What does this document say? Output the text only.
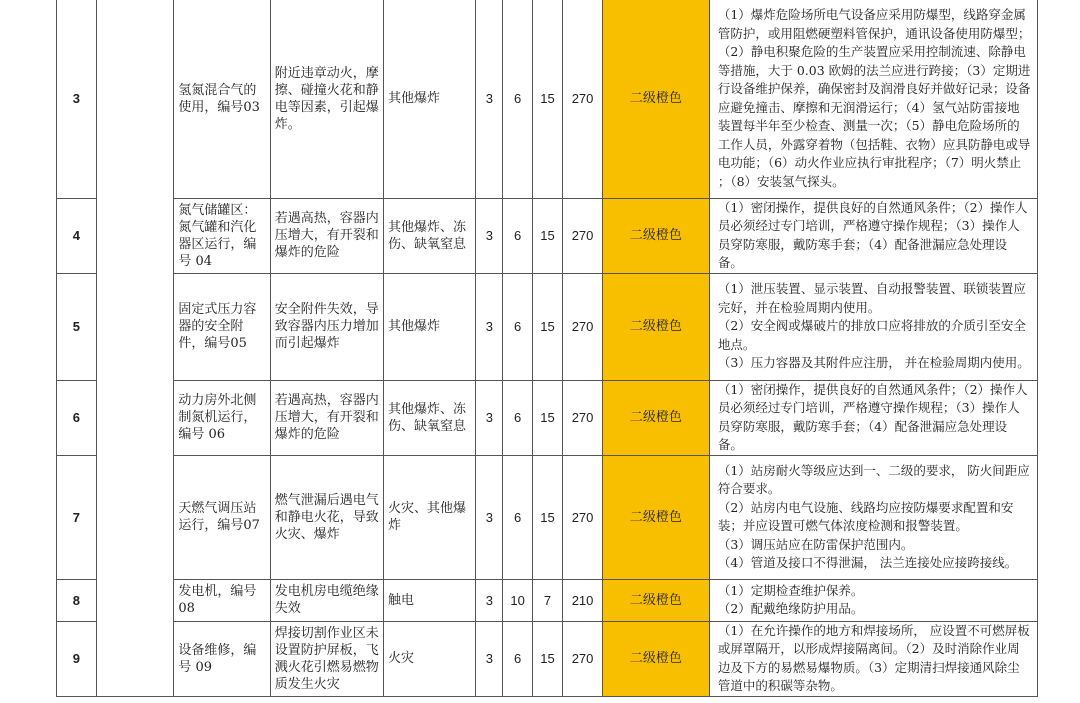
3		氢氮混合气的使用，编号03	附近违章动火，摩擦、碰撞火花和静电等因素，引起爆炸。	其他爆炸	3	6	15	270	二级橙色	（1）爆炸危险场所电气设备应采用防爆型，线路穿金属管防护，或用阻燃硬塑料管保护，通讯设备使用防爆型；（2）静电积聚危险的生产装置应采用控制流速、除静电等措施，大于 0.03 欧姆的法兰应进行跨接；（3）定期进行设备维护保养，确保密封及润滑良好并做好记录；设备应避免撞击、摩擦和无润滑运行；（4）氢气站防雷接地装置每半年至少检查、测量一次；（5）静电危险场所的工作人员，外露穿着物（包括鞋、衣物）应具防静电或导电功能；（6）动火作业应执行审批程序；（7）明火禁止 ；（8）安装氢气探头。
4		氮气储罐区：氮气罐和汽化器区运行，编号 04	若遇高热，容器内压增大，有开裂和爆炸的危险	其他爆炸、冻伤、缺氧窒息	3	6	15	270	二级橙色	（1）密闭操作，提供良好的自然通风条件；（2）操作人员必须经过专门培训，严格遵守操作规程；（3）操作人员穿防寒服，戴防寒手套；（4）配备泄漏应急处理设备。
5		固定式压力容器的安全附件，编号05	安全附件失效，导致容器内压力增加而引起爆炸	其他爆炸	3	6	15	270	二级橙色	（1）泄压装置、显示装置、自动报警装置、联锁装置应完好，并在检验周期内使用。
（2）安全阀或爆破片的排放口应将排放的介质引至安全地点。
（3）压力容器及其附件应注册， 并在检验周期内使用。
6		动力房外北侧制氮机运行，编号 06	若遇高热，容器内压增大，有开裂和爆炸的危险	其他爆炸、冻伤、缺氧窒息	3	6	15	270	二级橙色	（1）密闭操作，提供良好的自然通风条件；（2）操作人员必须经过专门培训，严格遵守操作规程；（3）操作人员穿防寒服，戴防寒手套；（4）配备泄漏应急处理设备。
7		天燃气调压站运行，编号07	燃气泄漏后遇电气和静电火花，导致火灾、爆炸	火灾、其他爆炸	3	6	15	270	二级橙色	（1）站房耐火等级应达到一、二级的要求， 防火间距应符合要求。
（2）站房内电气设施、线路均应按防爆要求配置和安装；并应设置可燃气体浓度检测和报警装置。
（3）调压站应在防雷保护范围内。
（4）管道及接口不得泄漏， 法兰连接处应接跨接线。
8		发电机，编号08	发电机房电缆绝缘失效	触电	3	10	7	210	二级橙色	（1）定期检查维护保养。
（2）配戴绝缘防护用品。
9		设备维修，编号 09	焊接切割作业区未设置防护屏板，飞溅火花引燃易燃物质发生火灾	火灾	3	6	15	270	二级橙色	（1）在允许操作的地方和焊接场所， 应设置不可燃屏板或屏罩隔开，以形成焊接隔离间。（2）及时消除作业周边及下方的易燃易爆物质。（3）定期清扫焊接通风除尘管道中的积碳等杂物。
